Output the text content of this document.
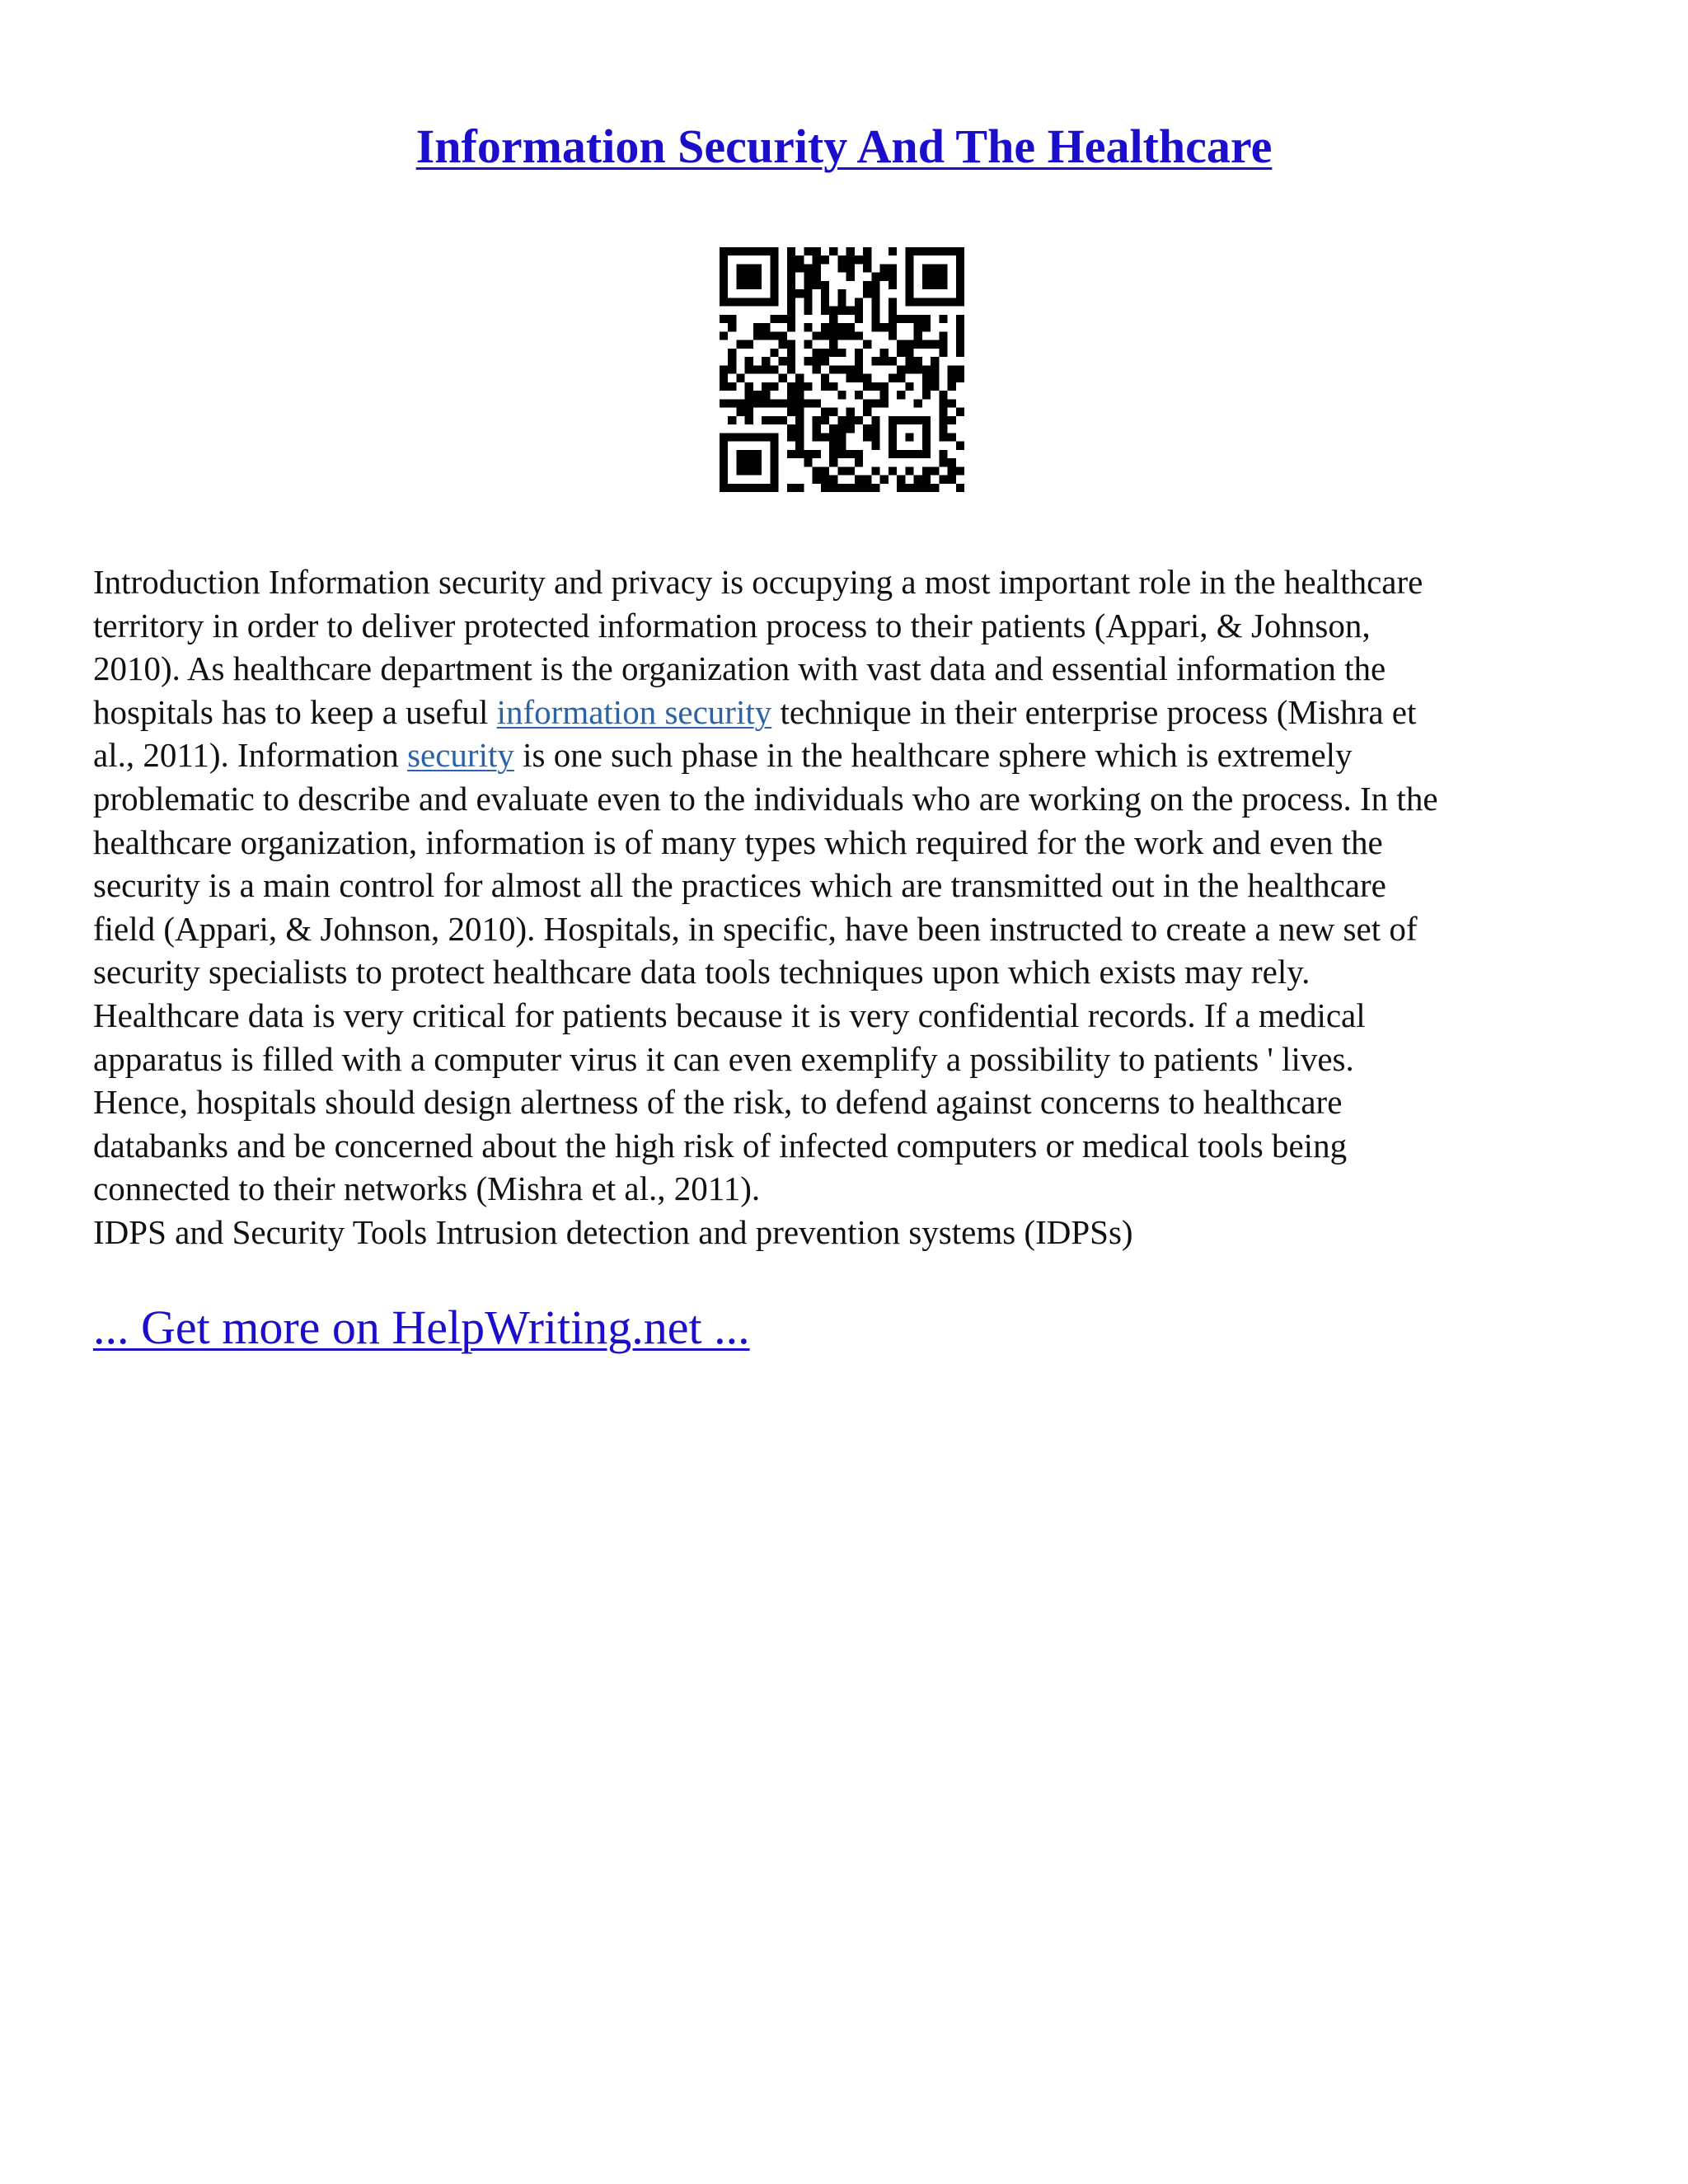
Information Security And The Healthcare
Introduction Information security and privacy is occupying a most important role in the healthcare
territory in order to deliver protected information process to their patients (Appari, & Johnson,
2010). As healthcare department is the organization with vast data and essential information the
hospitals has to keep a useful information security technique in their enterprise process (Mishra et
al., 2011). Information security is one such phase in the healthcare sphere which is extremely
problematic to describe and evaluate even to the individuals who are working on the process. In the
healthcare organization, information is of many types which required for the work and even the
security is a main control for almost all the practices which are transmitted out in the healthcare
field (Appari, & Johnson, 2010). Hospitals, in specific, have been instructed to create a new set of
security specialists to protect healthcare data tools techniques upon which exists may rely.
Healthcare data is very critical for patients because it is very confidential records. If a medical
apparatus is filled with a computer virus it can even exemplify a possibility to patients ' lives.
Hence, hospitals should design alertness of the risk, to defend against concerns to healthcare
databanks and be concerned about the high risk of infected computers or medical tools being
connected to their networks (Mishra et al., 2011).
IDPS and Security Tools Intrusion detection and prevention systems (IDPSs)

... Get more on HelpWriting.net ...
